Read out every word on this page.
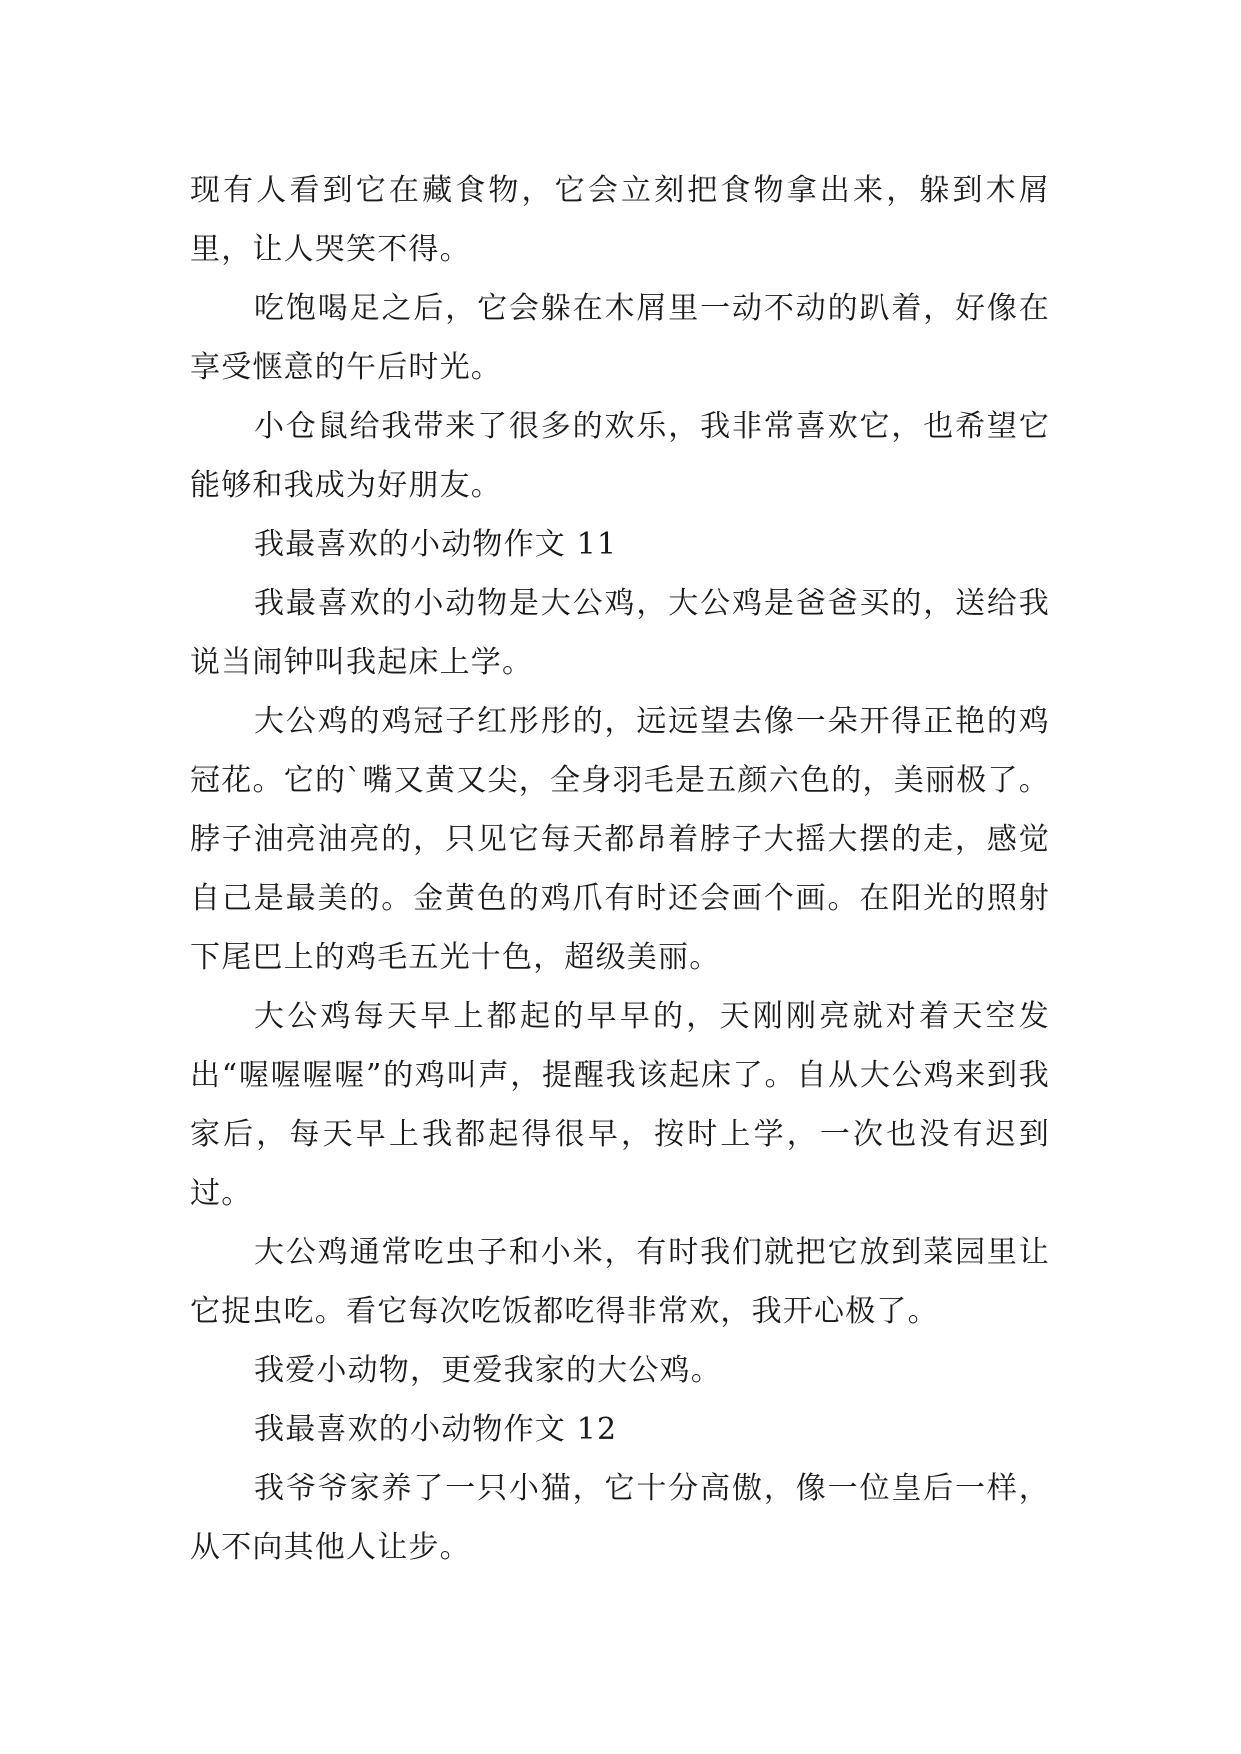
现有人看到它在藏食物，它会立刻把食物拿出来，躲到木屑里，让人哭笑不得。

吃饱喝足之后，它会躲在木屑里一动不动的趴着，好像在享受惬意的午后时光。

小仓鼠给我带来了很多的欢乐，我非常喜欢它，也希望它能够和我成为好朋友。

我最喜欢的小动物作文 11

我最喜欢的小动物是大公鸡，大公鸡是爸爸买的，送给我说当闹钟叫我起床上学。

大公鸡的鸡冠子红彤彤的，远远望去像一朵开得正艳的鸡冠花。它的`嘴又黄又尖，全身羽毛是五颜六色的，美丽极了。脖子油亮油亮的，只见它每天都昂着脖子大摇大摆的走，感觉自己是最美的。金黄色的鸡爪有时还会画个画。在阳光的照射下尾巴上的鸡毛五光十色，超级美丽。

大公鸡每天早上都起的早早的，天刚刚亮就对着天空发出“喔喔喔喔”的鸡叫声，提醒我该起床了。自从大公鸡来到我家后，每天早上我都起得很早，按时上学，一次也没有迟到过。

大公鸡通常吃虫子和小米，有时我们就把它放到菜园里让它捉虫吃。看它每次吃饭都吃得非常欢，我开心极了。

我爱小动物，更爱我家的大公鸡。

我最喜欢的小动物作文 12

我爷爷家养了一只小猫，它十分高傲，像一位皇后一样，从不向其他人让步。
